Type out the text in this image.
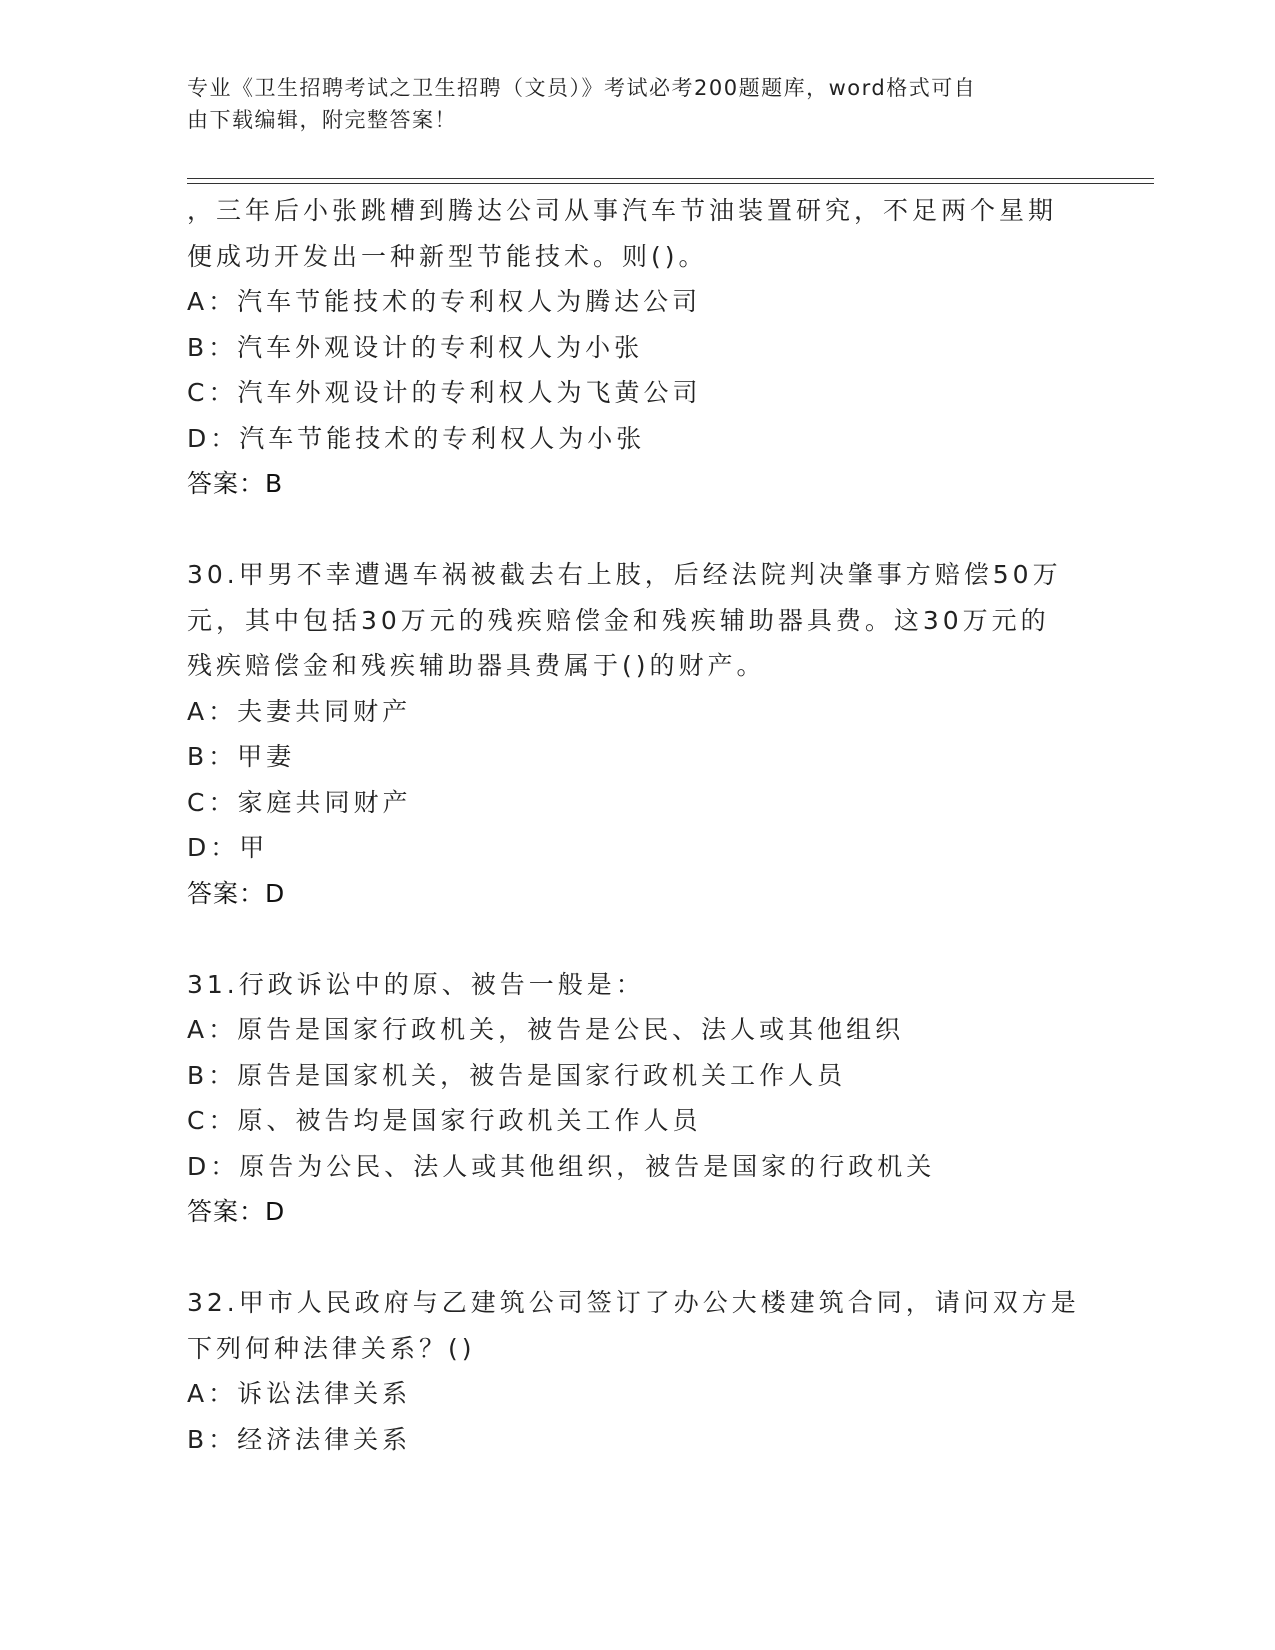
专业《卫生招聘考试之卫生招聘（文员）》考试必考200题题库，word格式可自
由下载编辑，附完整答案！
，三年后小张跳槽到腾达公司从事汽车节油装置研究，不足两个星期
便成功开发出一种新型节能技术。则()。
A：汽车节能技术的专利权人为腾达公司
B：汽车外观设计的专利权人为小张
C：汽车外观设计的专利权人为飞黄公司
D：汽车节能技术的专利权人为小张
答案：B
30.甲男不幸遭遇车祸被截去右上肢，后经法院判决肇事方赔偿50万
元，其中包括30万元的残疾赔偿金和残疾辅助器具费。这30万元的
残疾赔偿金和残疾辅助器具费属于()的财产。
A：夫妻共同财产
B：甲妻
C：家庭共同财产
D：甲
答案：D
31.行政诉讼中的原、被告一般是：
A：原告是国家行政机关，被告是公民、法人或其他组织
B：原告是国家机关，被告是国家行政机关工作人员
C：原、被告均是国家行政机关工作人员
D：原告为公民、法人或其他组织，被告是国家的行政机关
答案：D
32.甲市人民政府与乙建筑公司签订了办公大楼建筑合同，请问双方是
下列何种法律关系？()
A：诉讼法律关系
B：经济法律关系
